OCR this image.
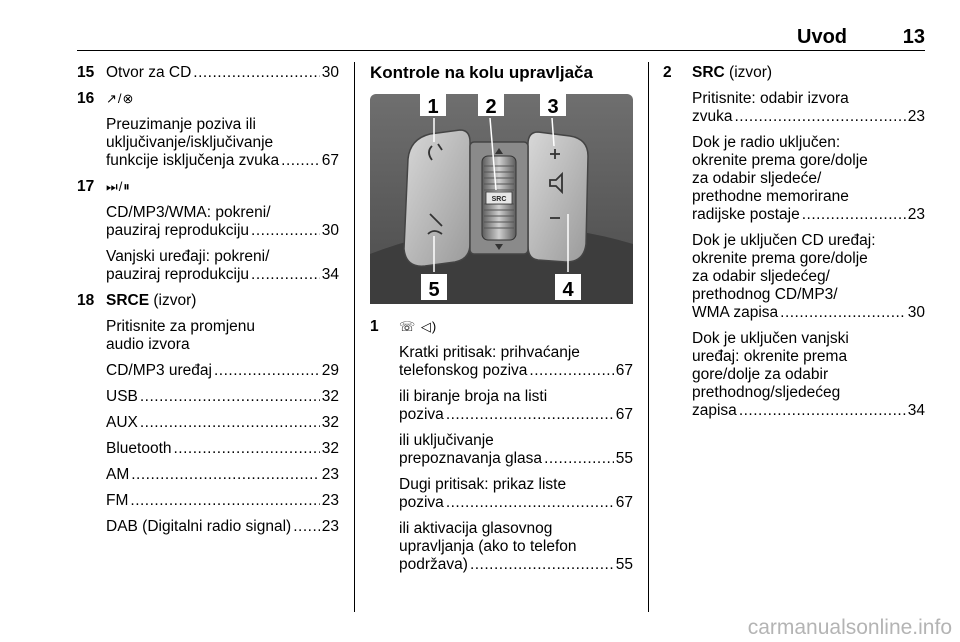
Uvod	13
15 Otvor za CD .....	30
16 ↗/⊗
Preuzimanje poziva ili
uključivanje/isključivanje
funkcije isključenja zvuka .....	67
17 ⏭/⏸
CD/MP3/WMA: pokreni/
pauziraj reprodukciju .....	30
Vanjski uređaji: pokreni/
pauziraj reprodukciju .....	34
18 SRCE (izvor)
Pritisnite za promjenu
audio izvora
CD/MP3 uređaj .....	29
USB .....	32
AUX .....	32
Bluetooth .....	32
AM .....	23
FM .....	23
DAB (Digitalni radio signal) ..... 23
Kontrole na kolu upravljača
SRC
1 2	3
4
5
1 ☏ ◁)
Kratki pritisak: prihvaćanje
telefonskog poziva .....	67
ili biranje broja na listi
poziva .....	67
ili uključivanje
prepoznavanja glasa .....	55
Dugi pritisak: prikaz liste
poziva .....	67
ili aktivacija glasovnog
upravljanja (ako to telefon
podržava) .....	55
2 SRC (izvor)
Pritisnite: odabir izvora
zvuka .....	23
Dok je radio uključen:
okrenite prema gore/dolje
za odabir sljedeće/
prethodne memorirane
radijske postaje .....	23
Dok je uključen CD uređaj:
okrenite prema gore/dolje
za odabir sljedećeg/
prethodnog CD/MP3/
WMA zapisa .....	30
Dok je uključen vanjski
uređaj: okrenite prema
gore/dolje za odabir
prethodnog/sljedećeg
zapisa .....	34
carmanualsonline.info
